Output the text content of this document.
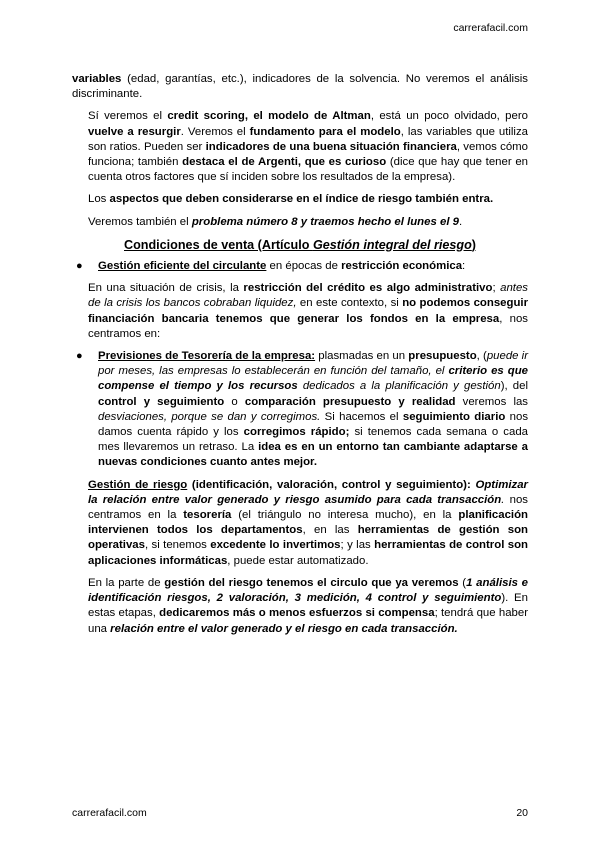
carrerafacil.com

variables (edad, garantías, etc.), indicadores de la solvencia. No veremos el análisis discriminante.

Sí veremos el credit scoring, el modelo de Altman, está un poco olvidado, pero vuelve a resurgir. Veremos el fundamento para el modelo, las variables que utiliza son ratios. Pueden ser indicadores de una buena situación financiera, vemos cómo funciona; también destaca el de Argenti, que es curioso (dice que hay que tener en cuenta otros factores que sí inciden sobre los resultados de la empresa).

Los aspectos que deben considerarse en el índice de riesgo también entra.

Veremos también el problema número 8 y traemos hecho el lunes el 9.

Condiciones de venta (Artículo Gestión integral del riesgo)
●	Gestión eficiente del circulante en épocas de restricción económica:

En una situación de crisis, la restricción del crédito es algo administrativo; antes de la crisis los bancos cobraban liquidez, en este contexto, si no podemos conseguir financiación bancaria tenemos que generar los fondos en la empresa, nos centramos en:

●	Previsiones de Tesorería de la empresa: plasmadas en un presupuesto, (puede ir por meses, las empresas lo establecerán en función del tamaño, el criterio es que compense el tiempo y los recursos dedicados a la planificación y gestión), del control y seguimiento o comparación presupuesto y realidad veremos las desviaciones, porque se dan y corregimos. Si hacemos el seguimiento diario nos damos cuenta rápido y los corregimos rápido; si tenemos cada semana o cada mes llevaremos un retraso. La idea es en un entorno tan cambiante adaptarse a nuevas condiciones cuanto antes mejor.

Gestión de riesgo (identificación, valoración, control y seguimiento): Optimizar la relación entre valor generado y riesgo asumido para cada transacción. nos centramos en la tesorería (el triángulo no interesa mucho), en la planificación intervienen todos los departamentos, en las herramientas de gestión son operativas, si tenemos excedente lo invertimos; y las herramientas de control son aplicaciones informáticas, puede estar automatizado.

En la parte de gestión del riesgo tenemos el circulo que ya veremos (1 análisis e identificación riesgos, 2 valoración, 3 medición, 4 control y seguimiento). En estas etapas, dedicaremos más o menos esfuerzos si compensa; tendrá que haber una relación entre el valor generado y el riesgo en cada transacción.

carrerafacil.com	20
